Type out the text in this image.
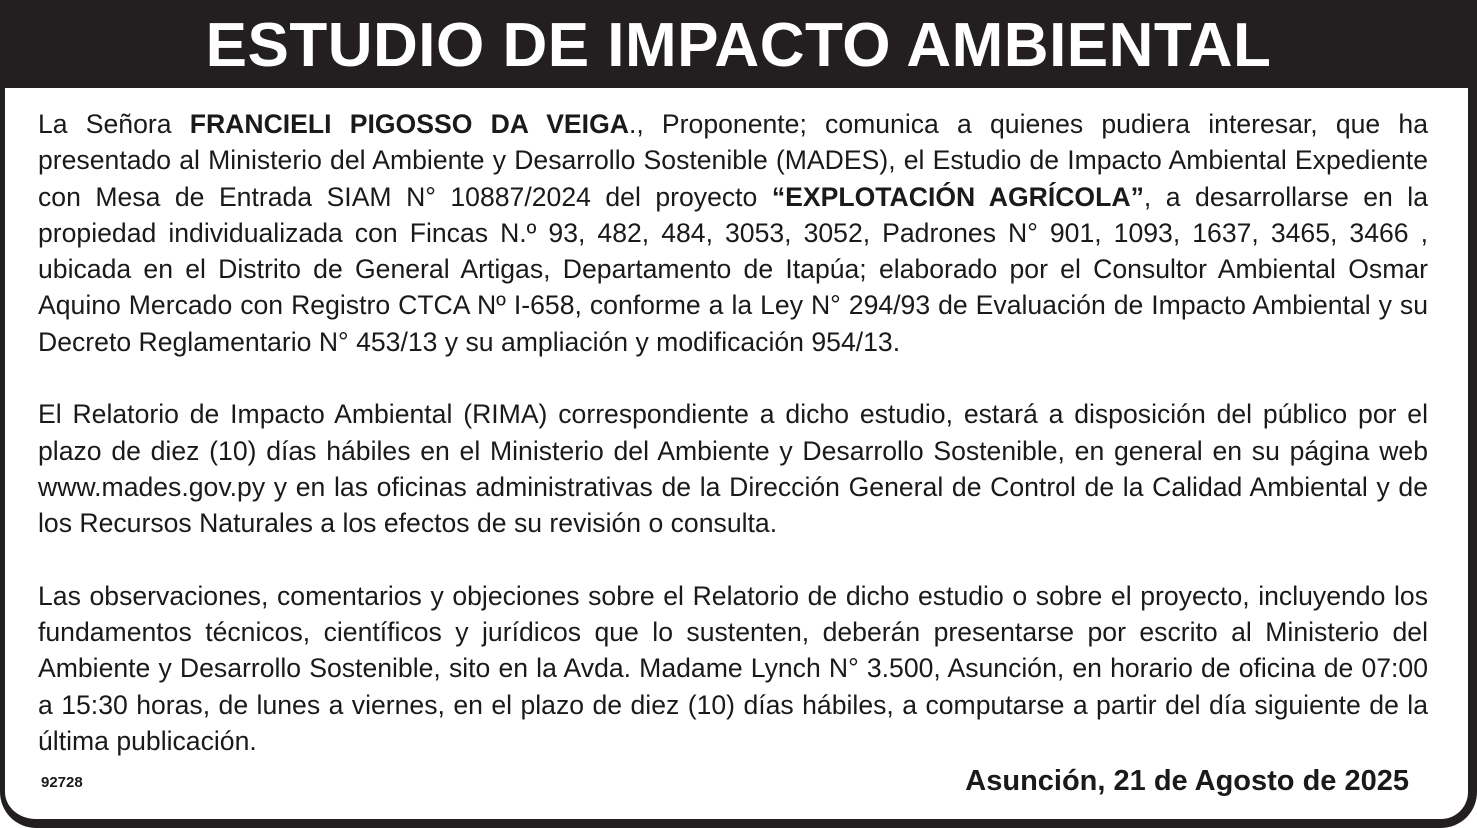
ESTUDIO DE IMPACTO AMBIENTAL

La Señora FRANCIELI PIGOSSO DA VEIGA., Proponente; comunica a quienes pudiera interesar, que ha presentado al Ministerio del Ambiente y Desarrollo Sostenible (MADES), el Estudio de Impacto Ambiental Expediente con Mesa de Entrada SIAM N° 10887/2024 del proyecto “EXPLOTACIÓN AGRÍCOLA”, a desarrollarse en la propiedad individualizada con Fincas N.º 93, 482, 484, 3053, 3052, Padrones N° 901, 1093, 1637, 3465, 3466 , ubicada en el Distrito de General Artigas, Departamento de Itapúa; elaborado por el Consultor Ambiental Osmar Aquino Mercado con Registro CTCA Nº I-658, conforme a la Ley N° 294/93 de Evaluación de Impacto Ambiental y su Decreto Reglamentario N° 453/13 y su ampliación y modificación 954/13.

El Relatorio de Impacto Ambiental (RIMA) correspondiente a dicho estudio, estará a disposición del público por el plazo de diez (10) días hábiles en el Ministerio del Ambiente y Desarrollo Sostenible, en general en su página web www.mades.gov.py y en las oficinas administrativas de la Dirección General de Control de la Calidad Ambiental y de los Recursos Naturales a los efectos de su revisión o consulta.

Las observaciones, comentarios y objeciones sobre el Relatorio de dicho estudio o sobre el proyecto, incluyendo los fundamentos técnicos, científicos y jurídicos que lo sustenten, deberán presentarse por escrito al Ministerio del Ambiente y Desarrollo Sostenible, sito en la Avda. Madame Lynch N° 3.500, Asunción, en horario de oficina de 07:00 a 15:30 horas, de lunes a viernes, en el plazo de diez (10) días hábiles, a computarse a partir del día siguiente de la última publicación.

92728	Asunción, 21 de Agosto de 2025
